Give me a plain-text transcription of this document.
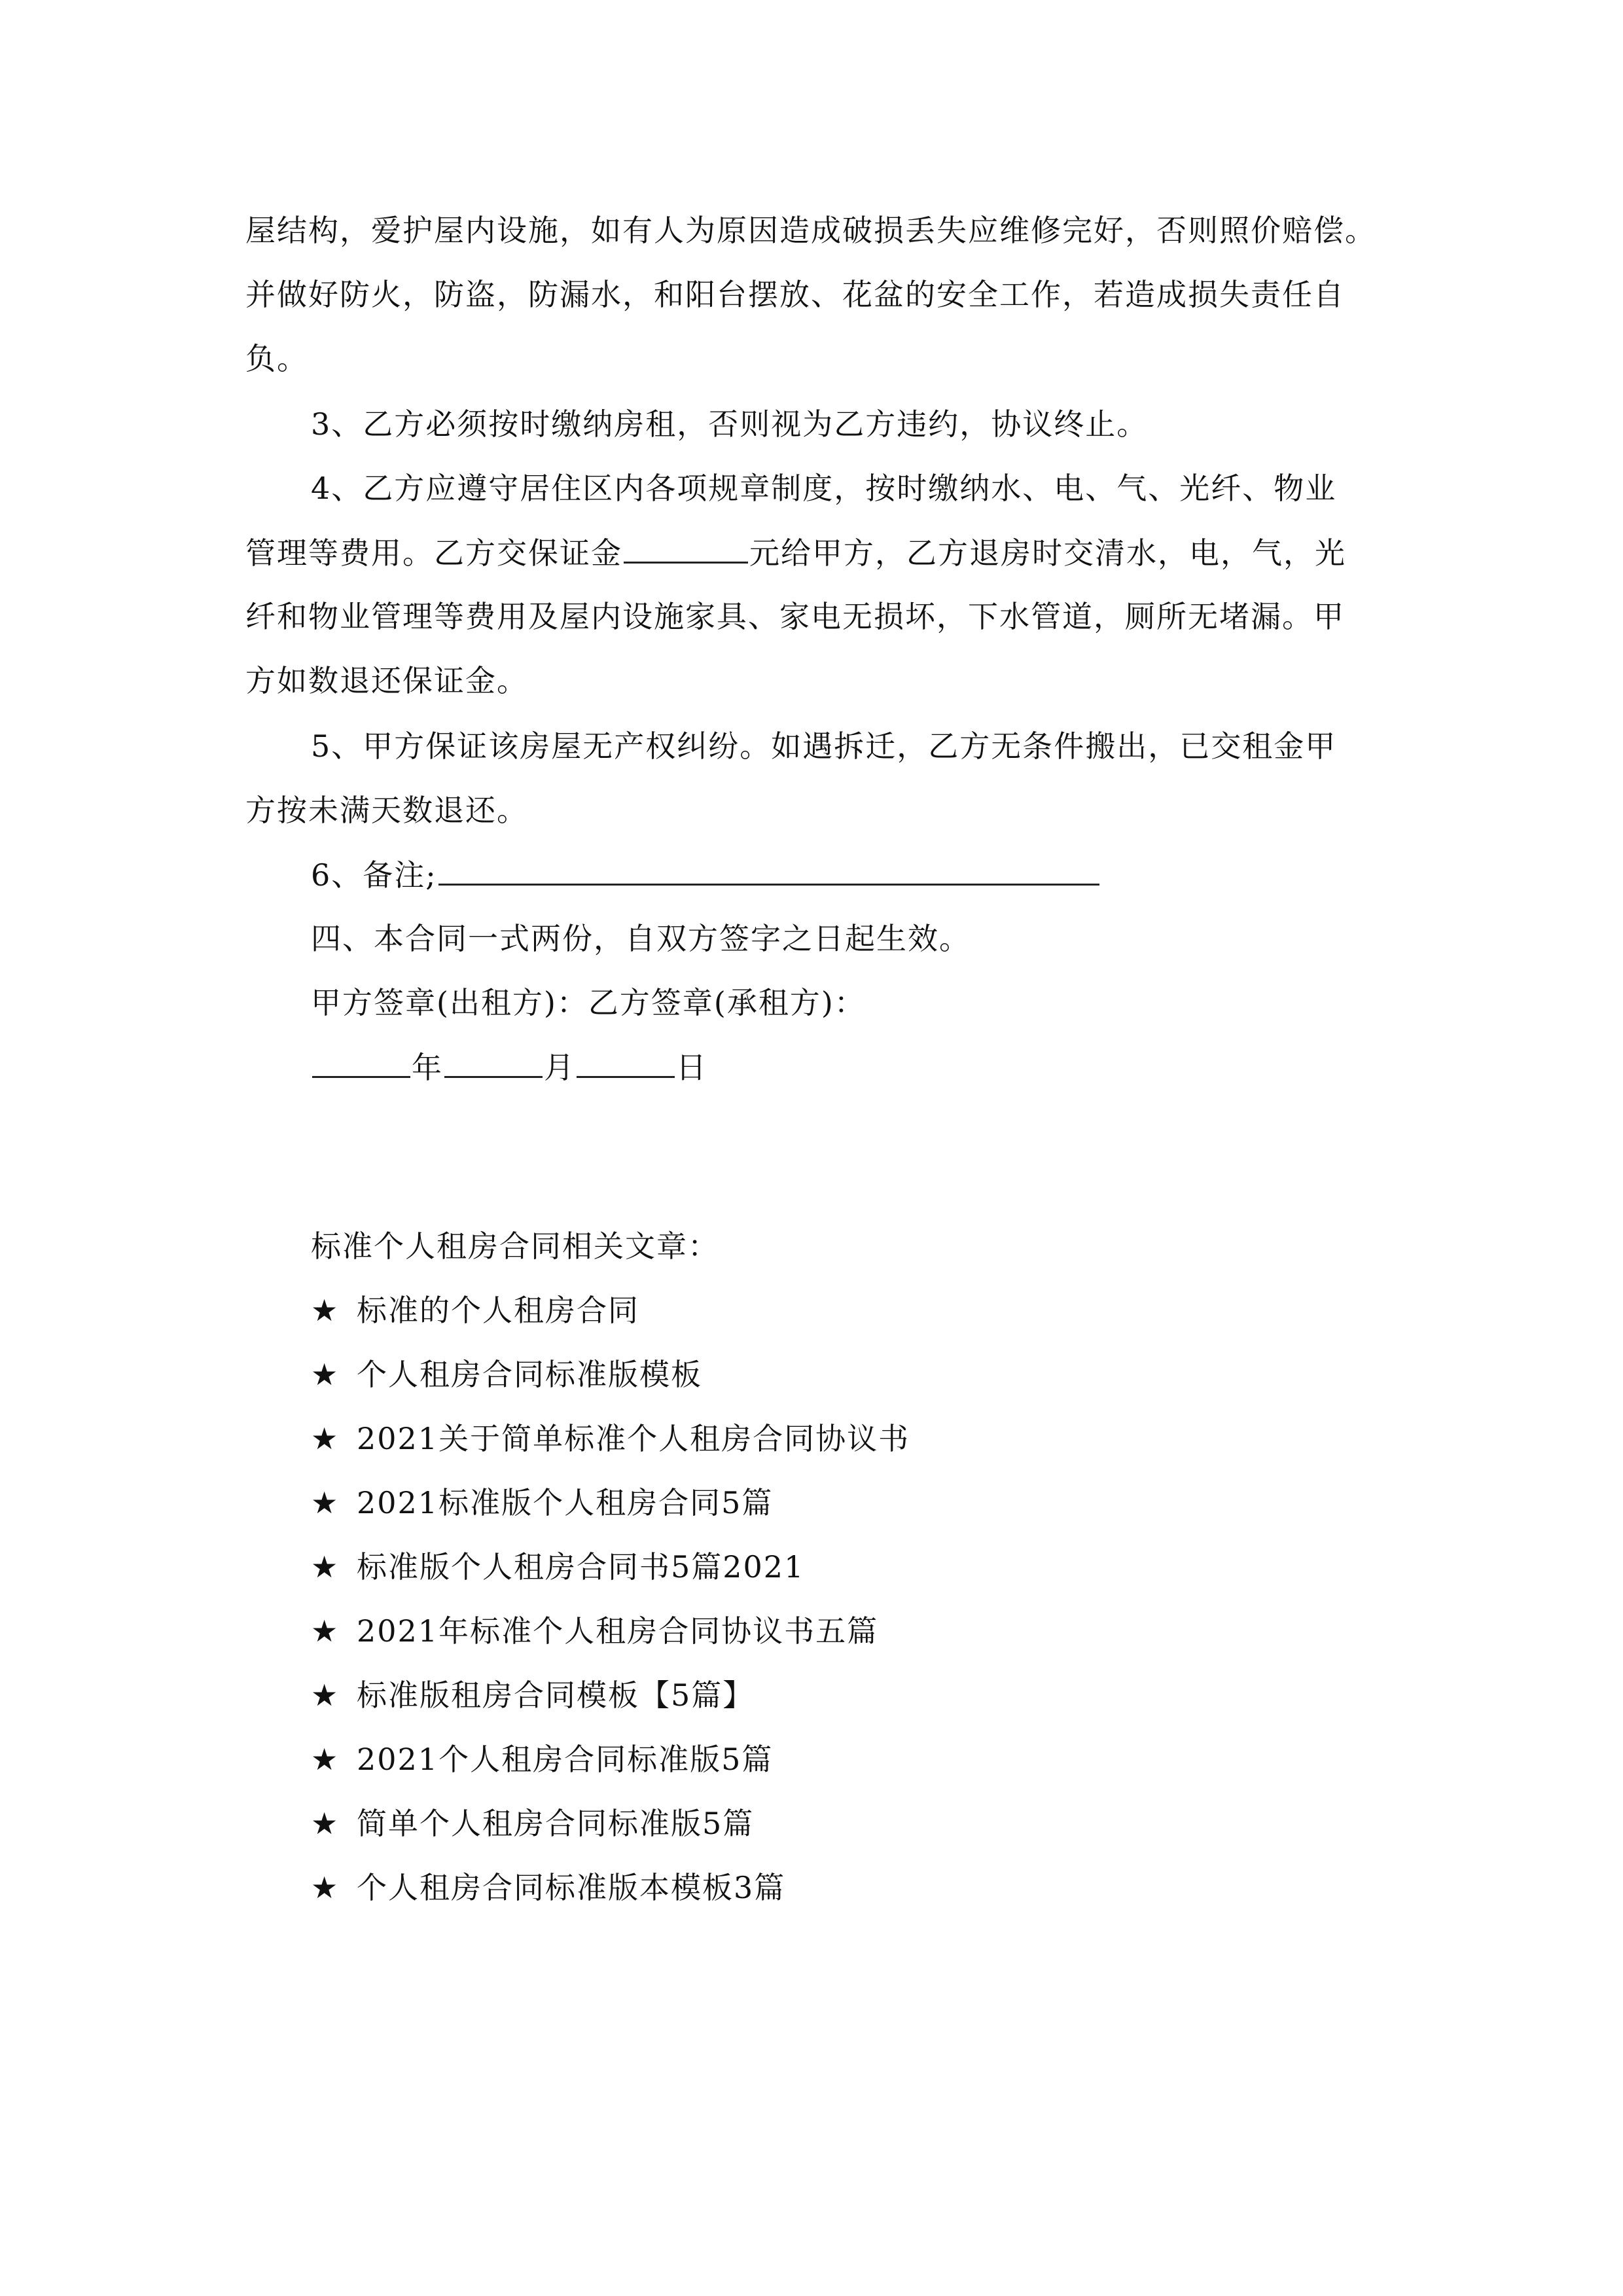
屋结构，爱护屋内设施，如有人为原因造成破损丢失应维修完好，否则照价赔偿。
并做好防火，防盗，防漏水，和阳台摆放、花盆的安全工作，若造成损失责任自
负。
3、乙方必须按时缴纳房租，否则视为乙方违约，协议终止。
4、乙方应遵守居住区内各项规章制度，按时缴纳水、电、气、光纤、物业
管理等费用。乙方交保证金	元给甲方，乙方退房时交清水，电，气，光
纤和物业管理等费用及屋内设施家具、家电无损坏，下水管道，厕所无堵漏。甲
方如数退还保证金。
5、甲方保证该房屋无产权纠纷。如遇拆迁，乙方无条件搬出，已交租金甲
方按未满天数退还。
6、备注;
四、本合同一式两份，自双方签字之日起生效。
甲方签章(出租方)：乙方签章(承租方)：
年	月	日
标准个人租房合同相关文章：
★ 标准的个人租房合同
★ 个人租房合同标准版模板
★ 2021关于简单标准个人租房合同协议书
★ 2021标准版个人租房合同5篇
★ 标准版个人租房合同书5篇2021
★ 2021年标准个人租房合同协议书五篇
★ 标准版租房合同模板【5篇】
★ 2021个人租房合同标准版5篇
★ 简单个人租房合同标准版5篇
★ 个人租房合同标准版本模板3篇
